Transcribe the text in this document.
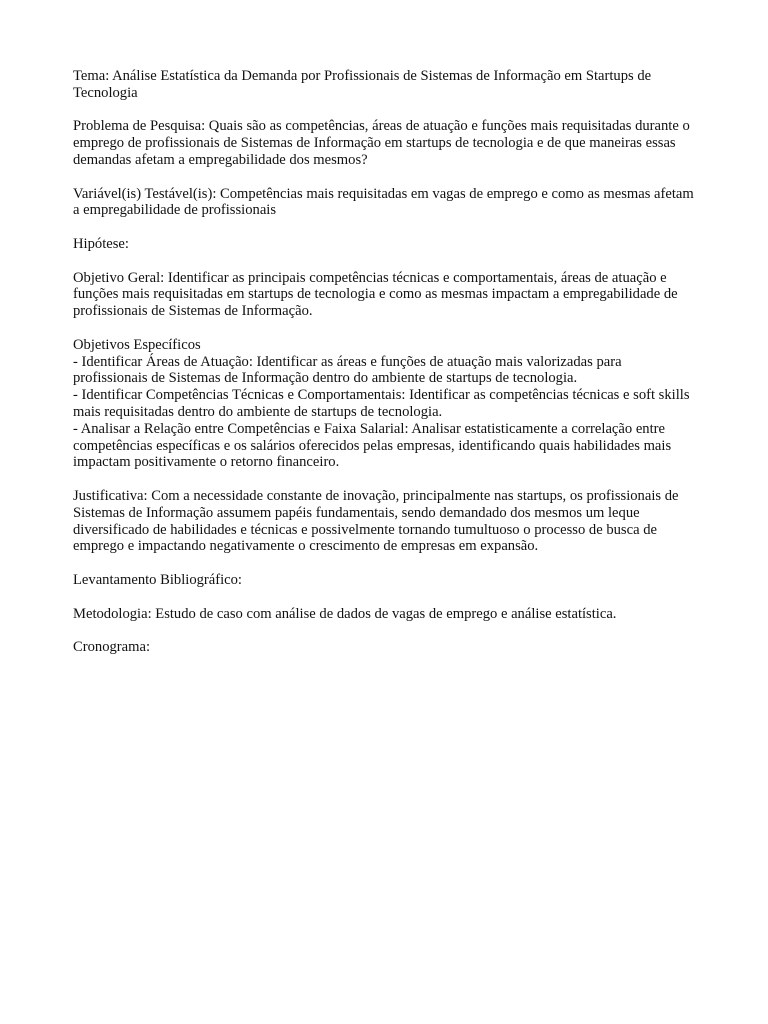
Tema: Análise Estatística da Demanda por Profissionais de Sistemas de Informação em Startups de Tecnologia

Problema de Pesquisa: Quais são as competências, áreas de atuação e funções mais requisitadas durante o emprego de profissionais de Sistemas de Informação em startups de tecnologia e de que maneiras essas demandas afetam a empregabilidade dos mesmos?

Variável(is) Testável(is): Competências mais requisitadas em vagas de emprego e como as mesmas afetam a empregabilidade de profissionais

Hipótese:

Objetivo Geral: Identificar as principais competências técnicas e comportamentais, áreas de atuação e funções mais requisitadas em startups de tecnologia e como as mesmas impactam a empregabilidade de profissionais de Sistemas de Informação.

Objetivos Específicos
- Identificar Áreas de Atuação: Identificar as áreas e funções de atuação mais valorizadas para profissionais de Sistemas de Informação dentro do ambiente de startups de tecnologia.
- Identificar Competências Técnicas e Comportamentais: Identificar as competências técnicas e soft skills mais requisitadas dentro do ambiente de startups de tecnologia.
- Analisar a Relação entre Competências e Faixa Salarial: Analisar estatisticamente a correlação entre competências específicas e os salários oferecidos pelas empresas, identificando quais habilidades mais impactam positivamente o retorno financeiro.

Justificativa: Com a necessidade constante de inovação, principalmente nas startups, os profissionais de Sistemas de Informação assumem papéis fundamentais, sendo demandado dos mesmos um leque diversificado de habilidades e técnicas e possivelmente tornando tumultuoso o processo de busca de emprego e impactando negativamente o crescimento de empresas em expansão.

Levantamento Bibliográfico:

Metodologia: Estudo de caso com análise de dados de vagas de emprego e análise estatística.

Cronograma:
